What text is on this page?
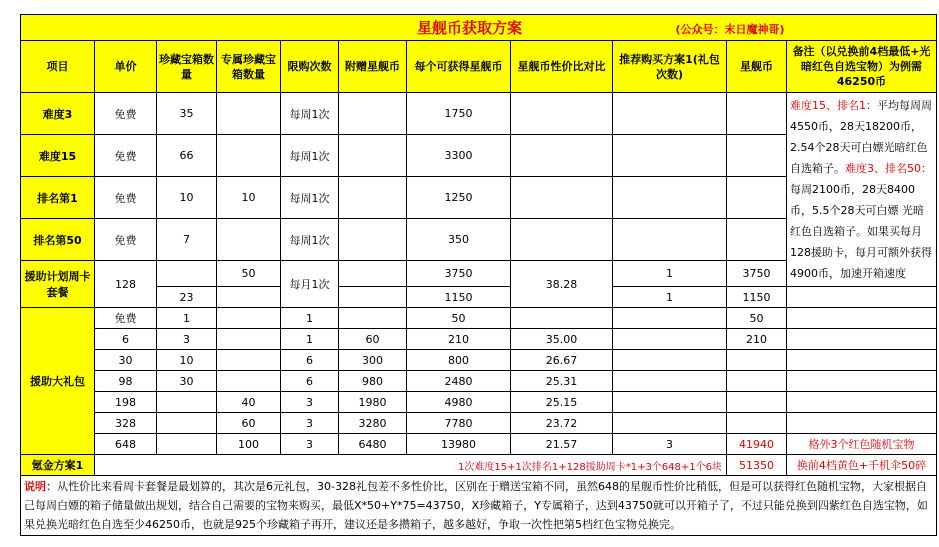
星舰币获取方案 (公众号：末日魔神哥)										
项目	单价	珍藏宝箱数量	专属珍藏宝箱数量	限购次数	附赠星舰币	每个可获得星舰币	星舰币性价比对比	推荐购买方案1(礼包次数)	星舰币	备注（以兑换前4档最低+光暗红色自选宝物）为例需46250币
难度3	免费	35		每周1次		1750				难度15、排名1：平均每周周4550币，28天18200币，2.54个28天可白嫖光暗红色自选箱子。难度3、排名50：每周2100币，28天8400币，5.5个28天可白嫖 光暗红色自选箱子。如果买每月128援助卡，每月可额外获得4900币，加速开箱速度
难度15	免费	66		每周1次		3300				
排名第1	免费	10	10	每周1次		1250				
排名第50	免费	7		每周1次		350				
援助计划周卡套餐	128		50	每月1次		3750	38.28	1	3750	
		23				1150		1	1150	
援助大礼包	免费	1		1		50			50	
	6	3		1	60	210	35.00		210	
	30	10		6	300	800	26.67			
	98	30		6	980	2480	25.31			
	198		40	3	1980	4980	25.15			
	328		60	3	3280	7780	23.72			
	648		100	3	6480	13980	21.57	3	41940	格外3个红色随机宝物
氪金方案1	1次难度15+1次排名1+128援助周卡*1+3个648+1个6块								51350	换前4档黄色+千机伞50碎
说明：从性价比来看周卡套餐是最划算的，其次是6元礼包，30-328礼包差不多性价比，区别在于赠送宝箱不同，虽然648的星舰币性价比稍低，但是可以获得红色随机宝物，大家根据自己每周白嫖的箱子储量做出规划，结合自己需要的宝物来购买，最低X*50+Y*75=43750，X珍藏箱子，Y专属箱子，达到43750就可以开箱子了，不过只能兑换到四紫红色自选宝物，如果兑换光暗红色自选至少46250币，也就是925个珍藏箱子再开，建议还是多攒箱子，越多越好，争取一次性把第5档红色宝物兑换完。										
